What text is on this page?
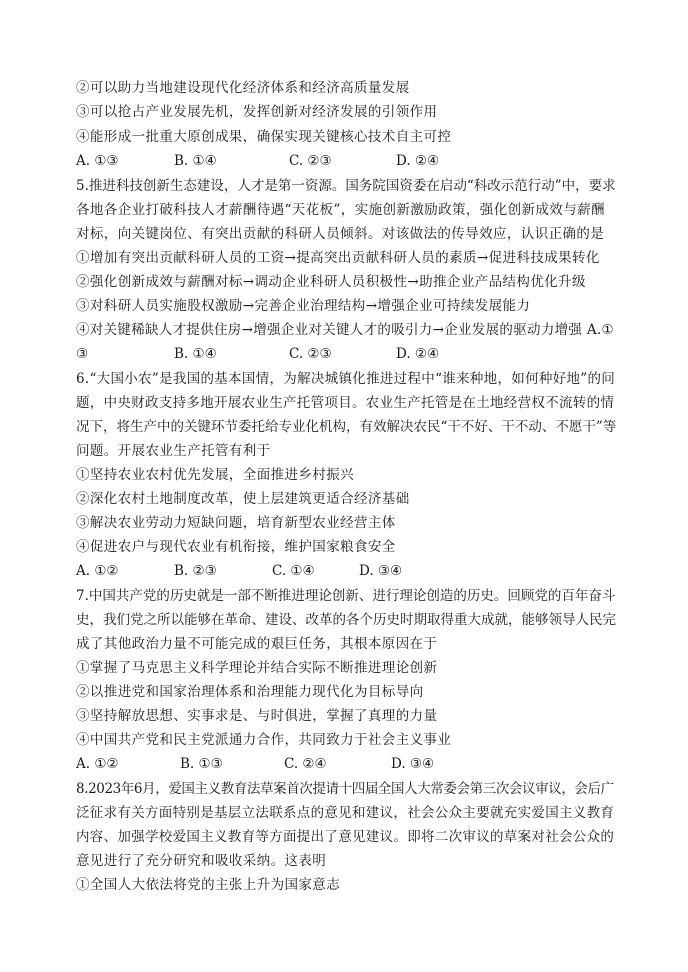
②可以助力当地建设现代化经济体系和经济高质量发展
③可以抢占产业发展先机，发挥创新对经济发展的引领作用
④能形成一批重大原创成果，确保实现关键核心技术自主可控
A. ①③	B. ①④	C. ②③	D. ②④
5.推进科技创新生态建设，人才是第一资源。国务院国资委在启动“科改示范行动”中，要求
各地各企业打破科技人才薪酬待遇“天花板”，实施创新激励政策，强化创新成效与薪酬
对标，向关键岗位、有突出贡献的科研人员倾斜。对该做法的传导效应，认识正确的是
①增加有突出贡献科研人员的工资→提高突出贡献科研人员的素质→促进科技成果转化
②强化创新成效与薪酬对标→调动企业科研人员积极性→助推企业产品结构优化升级
③对科研人员实施股权激励→完善企业治理结构→增强企业可持续发展能力
④对关键稀缺人才提供住房→增强企业对关键人才的吸引力→企业发展的驱动力增强 A.①
③	B. ①④	C. ②③	D. ②④
6.“大国小农”是我国的基本国情，为解决城镇化推进过程中“谁来种地，如何种好地”的问
题，中央财政支持多地开展农业生产托管项目。农业生产托管是在土地经营权不流转的情
况下，将生产中的关键环节委托给专业化机构，有效解决农民“干不好、干不动、不愿干”等
问题。开展农业生产托管有利于
①坚持农业农村优先发展，全面推进乡村振兴
②深化农村土地制度改革，使上层建筑更适合经济基础
③解决农业劳动力短缺问题，培育新型农业经营主体
④促进农户与现代农业有机衔接，维护国家粮食安全
A. ①②	B. ②③	C. ①④	D. ③④
7.中国共产党的历史就是一部不断推进理论创新、进行理论创造的历史。回顾党的百年奋斗
史，我们党之所以能够在革命、建设、改革的各个历史时期取得重大成就，能够领导人民完
成了其他政治力量不可能完成的艰巨任务，其根本原因在于
①掌握了马克思主义科学理论并结合实际不断推进理论创新
②以推进党和国家治理体系和治理能力现代化为目标导向
③坚持解放思想、实事求是、与时俱进，掌握了真理的力量
④中国共产党和民主党派通力合作，共同致力于社会主义事业
A. ①②	B. ①③	C. ②④	D. ③④
8.2023年6月，爱国主义教育法草案首次提请十四届全国人大常委会第三次会议审议，会后广
泛征求有关方面特别是基层立法联系点的意见和建议，社会公众主要就充实爱国主义教育
内容、加强学校爱国主义教育等方面提出了意见建议。即将二次审议的草案对社会公众的
意见进行了充分研究和吸收采纳。这表明
①全国人大依法将党的主张上升为国家意志
